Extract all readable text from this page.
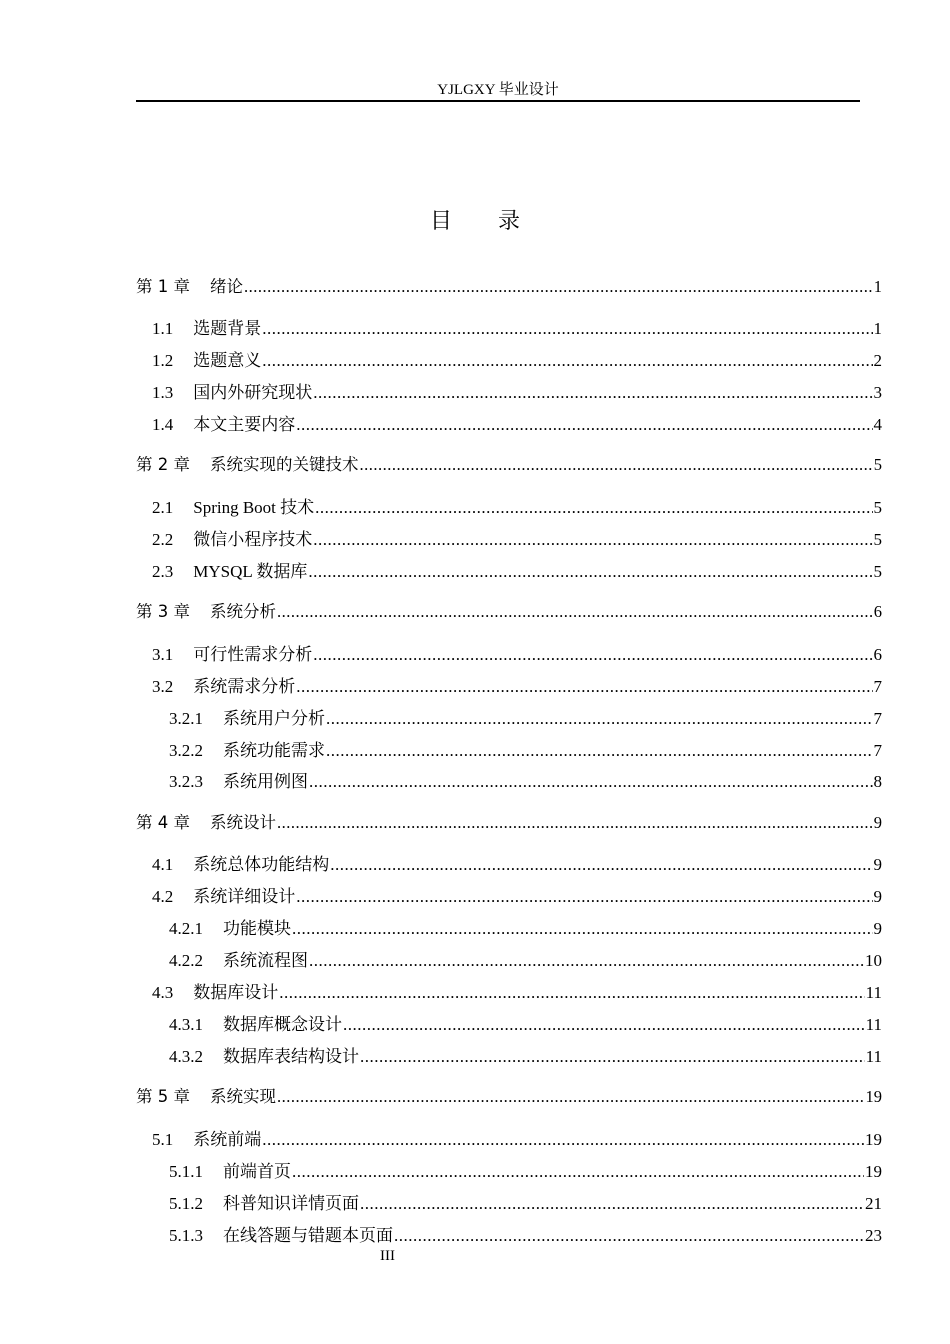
YJLGXY 毕业设计
目 录
第 1 章 绪论 .....	1
1.1 选题背景 .....	1
1.2 选题意义 .....	2
1.3 国内外研究现状 .....	3
1.4 本文主要内容 .....	4
第 2 章 系统实现的关键技术 .....	5
2.1 Spring Boot 技术 .....	5
2.2 微信小程序技术 .....	5
2.3 MYSQL 数据库 .....	5
第 3 章 系统分析 .....	6
3.1 可行性需求分析 .....	6
3.2 系统需求分析 .....	7
3.2.1 系统用户分析 .....	7
3.2.2 系统功能需求 .....	7
3.2.3 系统用例图 .....	8
第 4 章 系统设计 .....	9
4.1 系统总体功能结构 .....	9
4.2 系统详细设计 .....	9
4.2.1 功能模块 .....	9
4.2.2 系统流程图 .....	10
4.3 数据库设计 .....	11
4.3.1 数据库概念设计 .....	11
4.3.2 数据库表结构设计 .....	11
第 5 章 系统实现 .....	19
5.1 系统前端 .....	19
5.1.1 前端首页 .....	19
5.1.2 科普知识详情页面 .....	21
5.1.3 在线答题与错题本页面 .....	23
III
